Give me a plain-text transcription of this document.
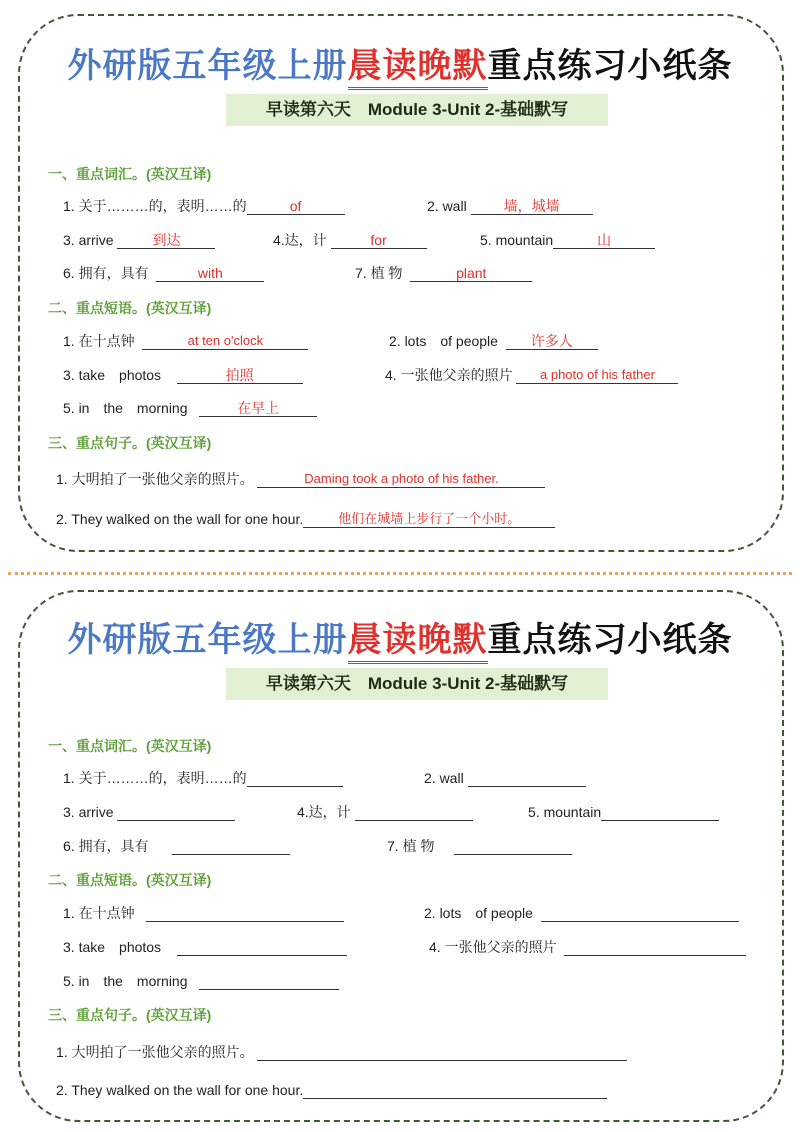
外研版五年级上册晨读晚默重点练习小纸条
早读第六天　Module 3-Unit 2-基础默写
一、重点词汇。(英汉互译)
1. 关于………的，表明……的	of	2. wall	墙，城墙
3. arrive	到达	4.达，计	for	5. mountain	山
6. 拥有，具有	with	7. 植 物	plant
二、重点短语。(英汉互译)
1. 在十点钟	at ten o'clock	2. lots　of people 许多人
3. take　photos	拍照	4. 一张他父亲的照片 a photo of his father
5. in　the　morning	在早上
三、重点句子。(英汉互译)
1. 大明拍了一张他父亲的照片。	Daming took a photo of his father.
2. They walked on the wall for one hour.	他们在城墙上步行了一个小时。
外研版五年级上册晨读晚默重点练习小纸条
早读第六天　Module 3-Unit 2-基础默写
一、重点词汇。(英汉互译)
1. 关于………的，表明……的	2. wall
3. arrive	4.达，计	5. mountain
6. 拥有，具有	7. 植 物
二、重点短语。(英汉互译)
1. 在十点钟	2. lots　of people
3. take　photos	4. 一张他父亲的照片
5. in　the　morning
三、重点句子。(英汉互译)
1. 大明拍了一张他父亲的照片。
2. They walked on the wall for one hour.
